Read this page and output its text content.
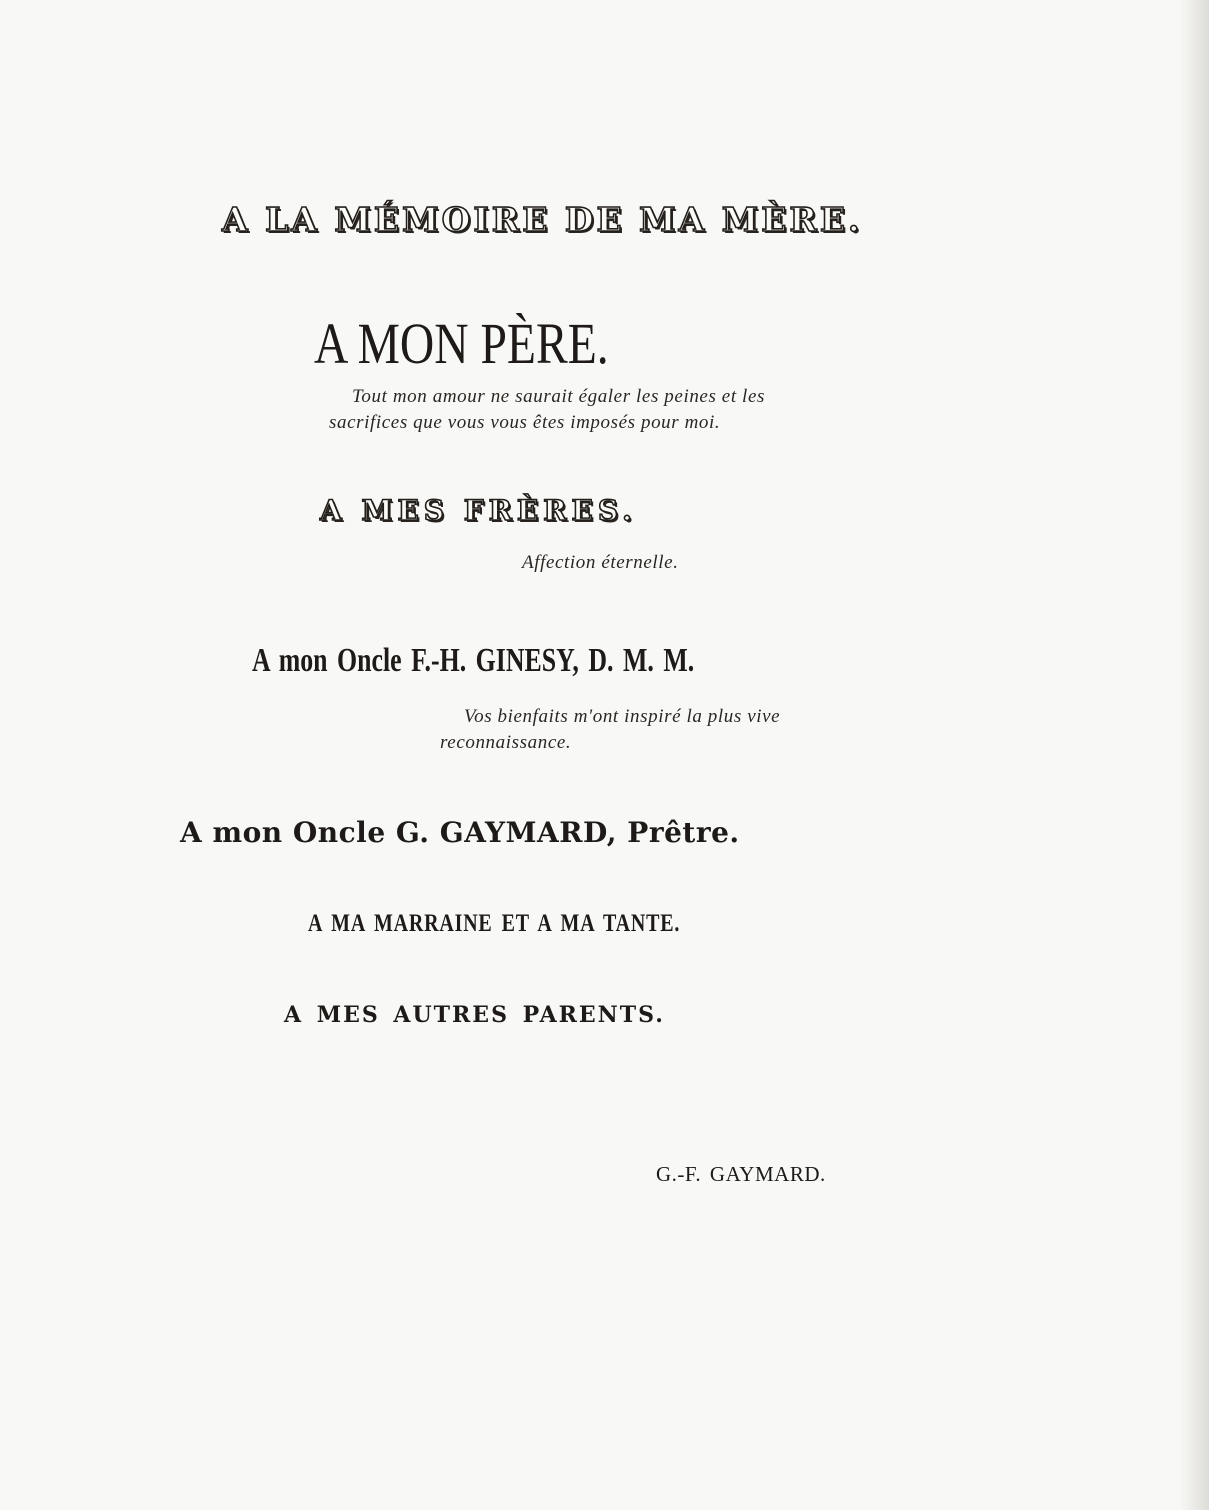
A LA MÉMOIRE DE MA MÈRE.
A MON PÈRE.
Tout mon amour ne saurait égaler les peines et les
sacrifices que vous vous êtes imposés pour moi.
A MES FRÈRES.
Affection éternelle.
A mon Oncle F.-H. GINESY, D. M. M.
Vos bienfaits m'ont inspiré la plus vive
reconnaissance.
A mon Oncle G. GAYMARD, Prêtre.
A MA MARRAINE ET A MA TANTE.
A MES AUTRES PARENTS.
G.-F. GAYMARD.
